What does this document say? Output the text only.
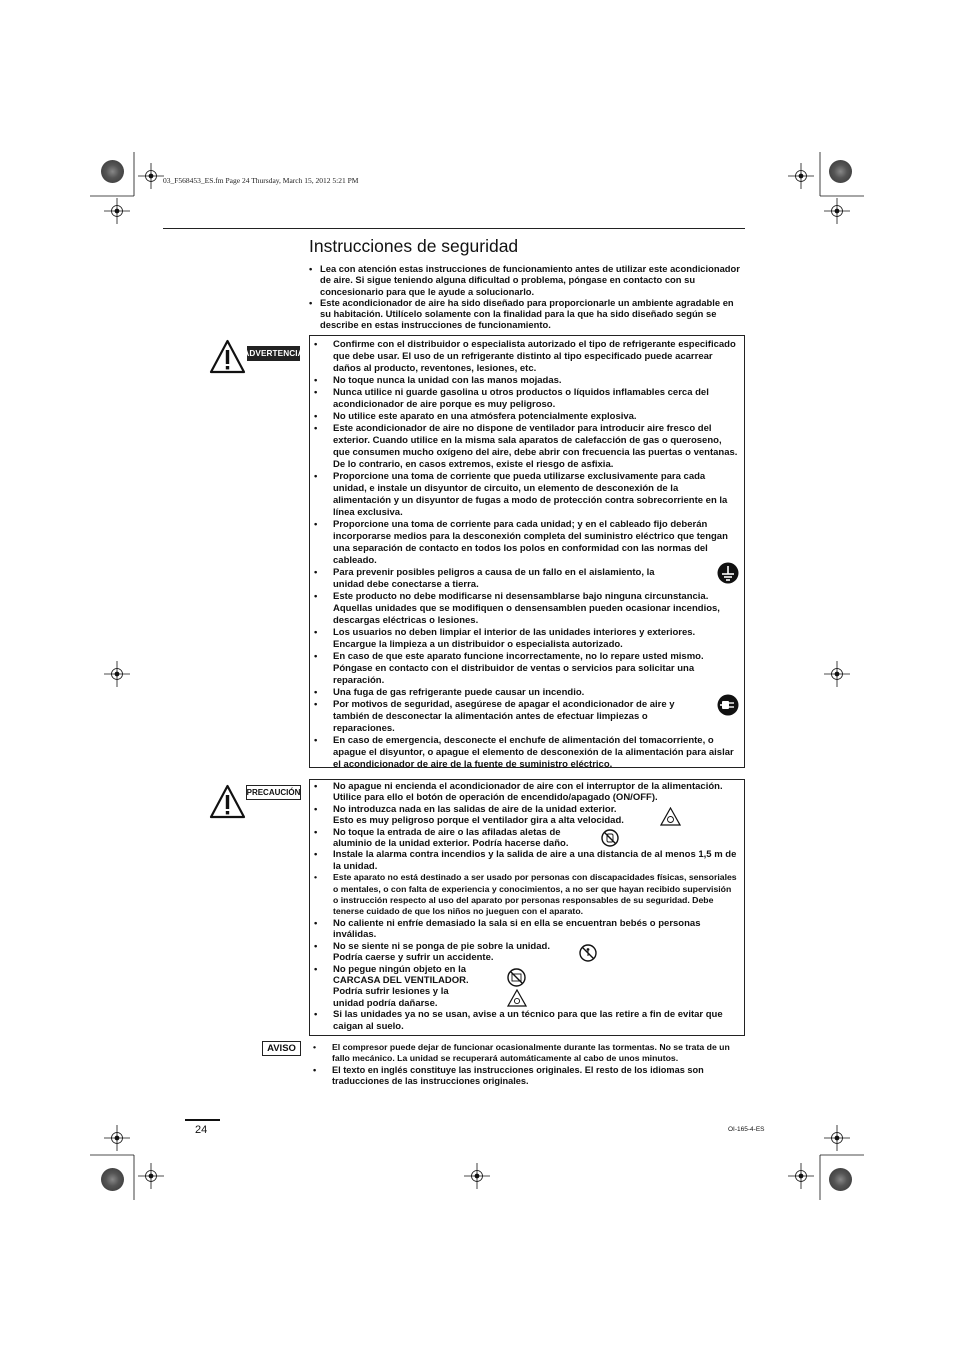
03_F568453_ES.fm Page 24 Thursday, March 15, 2012 5:21 PM
Instrucciones de seguridad
• Lea con atención estas instrucciones de funcionamiento antes de utilizar este acondicionador de aire. Si sigue teniendo alguna dificultad o problema, póngase en contacto con su concesionario para que le ayude a solucionarlo.
• Este acondicionador de aire ha sido diseñado para proporcionarle un ambiente agradable en su habitación. Utilícelo solamente con la finalidad para la que ha sido diseñado según se describe en estas instrucciones de funcionamiento.
ADVERTENCIA
• Confirme con el distribuidor o especialista autorizado el tipo de refrigerante especificado que debe usar. El uso de un refrigerante distinto al tipo especificado puede acarrear daños al producto, reventones, lesiones, etc.
• No toque nunca la unidad con las manos mojadas.
• Nunca utilice ni guarde gasolina u otros productos o líquidos inflamables cerca del acondicionador de aire porque es muy peligroso.
• No utilice este aparato en una atmósfera potencialmente explosiva.
• Este acondicionador de aire no dispone de ventilador para introducir aire fresco del exterior. Cuando utilice en la misma sala aparatos de calefacción de gas o queroseno, que consumen mucho oxígeno del aire, debe abrir con frecuencia las puertas o ventanas. De lo contrario, en casos extremos, existe el riesgo de asfixia.
• Proporcione una toma de corriente que pueda utilizarse exclusivamente para cada unidad, e instale un disyuntor de circuito, un elemento de desconexión de la alimentación y un disyuntor de fugas a modo de protección contra sobrecorriente en la línea exclusiva.
• Proporcione una toma de corriente para cada unidad; y en el cableado fijo deberán incorporarse medios para la desconexión completa del suministro eléctrico que tengan una separación de contacto en todos los polos en conformidad con las normas del cableado.
• Para prevenir posibles peligros a causa de un fallo en el aislamiento, la unidad debe conectarse a tierra.
• Este producto no debe modificarse ni desensamblarse bajo ninguna circunstancia. Aquellas unidades que se modifiquen o densensamblen pueden ocasionar incendios, descargas eléctricas o lesiones.
• Los usuarios no deben limpiar el interior de las unidades interiores y exteriores. Encargue la limpieza a un distribuidor o especialista autorizado.
• En caso de que este aparato funcione incorrectamente, no lo repare usted mismo. Póngase en contacto con el distribuidor de ventas o servicios para solicitar una reparación.
• Una fuga de gas refrigerante puede causar un incendio.
• Por motivos de seguridad, asegúrese de apagar el acondicionador de aire y también de desconectar la alimentación antes de efectuar limpiezas o reparaciones.
• En caso de emergencia, desconecte el enchufe de alimentación del tomacorriente, o apague el disyuntor, o apague el elemento de desconexión de la alimentación para aislar el acondicionador de aire de la fuente de suministro eléctrico.
PRECAUCIÓN
• No apague ni encienda el acondicionador de aire con el interruptor de la alimentación. Utilice para ello el botón de operación de encendido/apagado (ON/OFF).
• No introduzca nada en las salidas de aire de la unidad exterior. Esto es muy peligroso porque el ventilador gira a alta velocidad.
• No toque la entrada de aire o las afiladas aletas de aluminio de la unidad exterior. Podría hacerse daño.
• Instale la alarma contra incendios y la salida de aire a una distancia de al menos 1,5 m de la unidad.
• Este aparato no está destinado a ser usado por personas con discapacidades físicas, sensoriales o mentales, o con falta de experiencia y conocimientos, a no ser que hayan recibido supervisión o instrucción respecto al uso del aparato por personas responsables de su seguridad. Debe tenerse cuidado de que los niños no jueguen con el aparato.
• No caliente ni enfríe demasiado la sala si en ella se encuentran bebés o personas inválidas.
• No se siente ni se ponga de pie sobre la unidad. Podría caerse y sufrir un accidente.
• No pegue ningún objeto en la CARCASA DEL VENTILADOR. Podría sufrir lesiones y la unidad podría dañarse.
• Si las unidades ya no se usan, avise a un técnico para que las retire a fin de evitar que caigan al suelo.
AVISO
•	El compresor puede dejar de funcionar ocasionalmente durante las tormentas. No se trata de un fallo mecánico. La unidad se recuperará automáticamente al cabo de unos minutos.
• El texto en inglés constituye las instrucciones originales. El resto de los idiomas son traducciones de las instrucciones originales.
24	OI-165-4-ES
